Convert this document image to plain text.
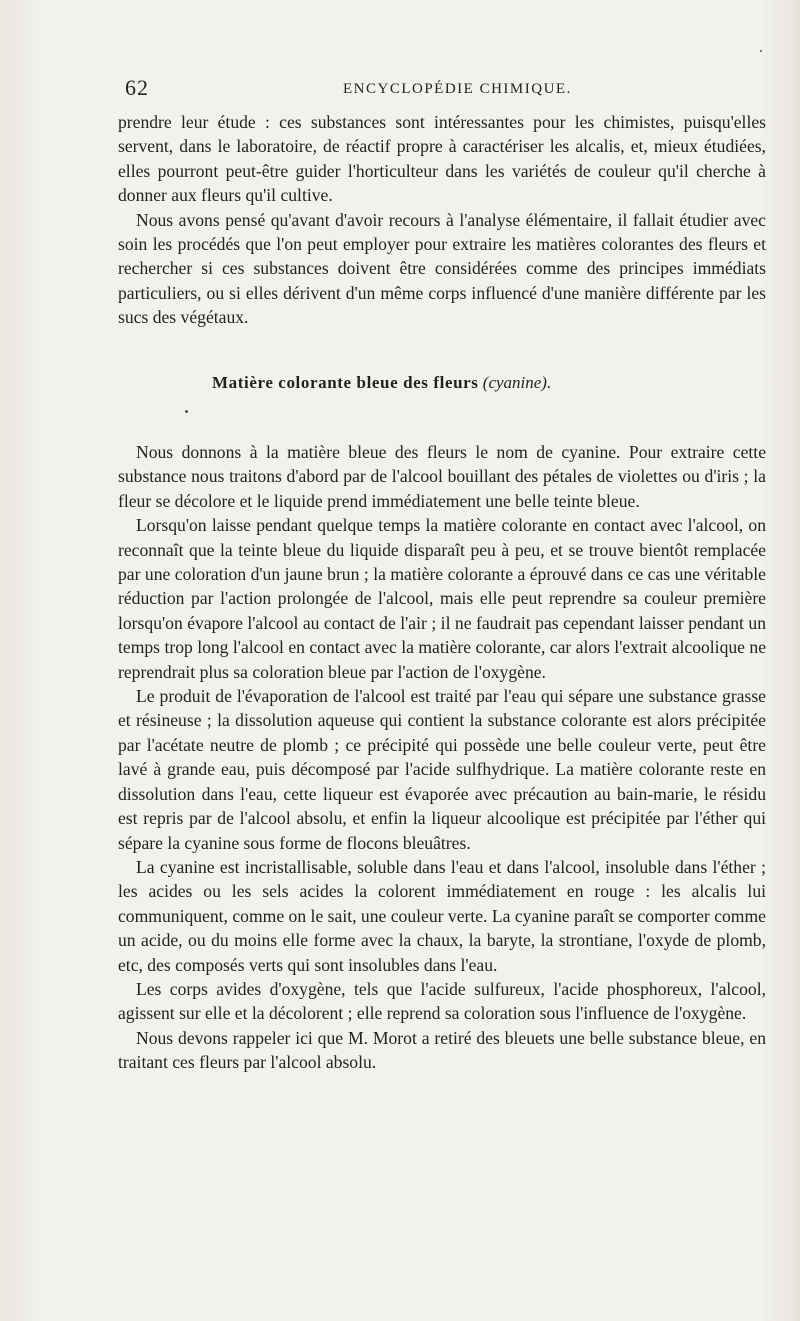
62	ENCYCLOPÉDIE CHIMIQUE.

prendre leur étude : ces substances sont intéressantes pour les chimistes, puisqu'elles servent, dans le laboratoire, de réactif propre à caractériser les alcalis, et, mieux étudiées, elles pourront peut-être guider l'horticulteur dans les variétés de couleur qu'il cherche à donner aux fleurs qu'il cultive.

Nous avons pensé qu'avant d'avoir recours à l'analyse élémentaire, il fallait étudier avec soin les procédés que l'on peut employer pour extraire les matières colorantes des fleurs et rechercher si ces substances doivent être considérées comme des principes immédiats particuliers, ou si elles dérivent d'un même corps influencé d'une manière différente par les sucs des végétaux.

Matière colorante bleue des fleurs (cyanine).

Nous donnons à la matière bleue des fleurs le nom de cyanine. Pour extraire cette substance nous traitons d'abord par de l'alcool bouillant des pétales de violettes ou d'iris ; la fleur se décolore et le liquide prend immédiatement une belle teinte bleue.

Lorsqu'on laisse pendant quelque temps la matière colorante en contact avec l'alcool, on reconnaît que la teinte bleue du liquide disparaît peu à peu, et se trouve bientôt remplacée par une coloration d'un jaune brun ; la matière colorante a éprouvé dans ce cas une véritable réduction par l'action prolongée de l'alcool, mais elle peut reprendre sa couleur première lorsqu'on évapore l'alcool au contact de l'air ; il ne faudrait pas cependant laisser pendant un temps trop long l'alcool en contact avec la matière colorante, car alors l'extrait alcoolique ne reprendrait plus sa coloration bleue par l'action de l'oxygène.

Le produit de l'évaporation de l'alcool est traité par l'eau qui sépare une substance grasse et résineuse ; la dissolution aqueuse qui contient la substance colorante est alors précipitée par l'acétate neutre de plomb ; ce précipité qui possède une belle couleur verte, peut être lavé à grande eau, puis décomposé par l'acide sulfhydrique. La matière colorante reste en dissolution dans l'eau, cette liqueur est évaporée avec précaution au bain-marie, le résidu est repris par de l'alcool absolu, et enfin la liqueur alcoolique est précipitée par l'éther qui sépare la cyanine sous forme de flocons bleuâtres.

La cyanine est incristallisable, soluble dans l'eau et dans l'alcool, insoluble dans l'éther ; les acides ou les sels acides la colorent immédiatement en rouge : les alcalis lui communiquent, comme on le sait, une couleur verte. La cyanine paraît se comporter comme un acide, ou du moins elle forme avec la chaux, la baryte, la strontiane, l'oxyde de plomb, etc, des composés verts qui sont insolubles dans l'eau.

Les corps avides d'oxygène, tels que l'acide sulfureux, l'acide phosphoreux, l'alcool, agissent sur elle et la décolorent ; elle reprend sa coloration sous l'influence de l'oxygène.

Nous devons rappeler ici que M. Morot a retiré des bleuets une belle substance bleue, en traitant ces fleurs par l'alcool absolu.
